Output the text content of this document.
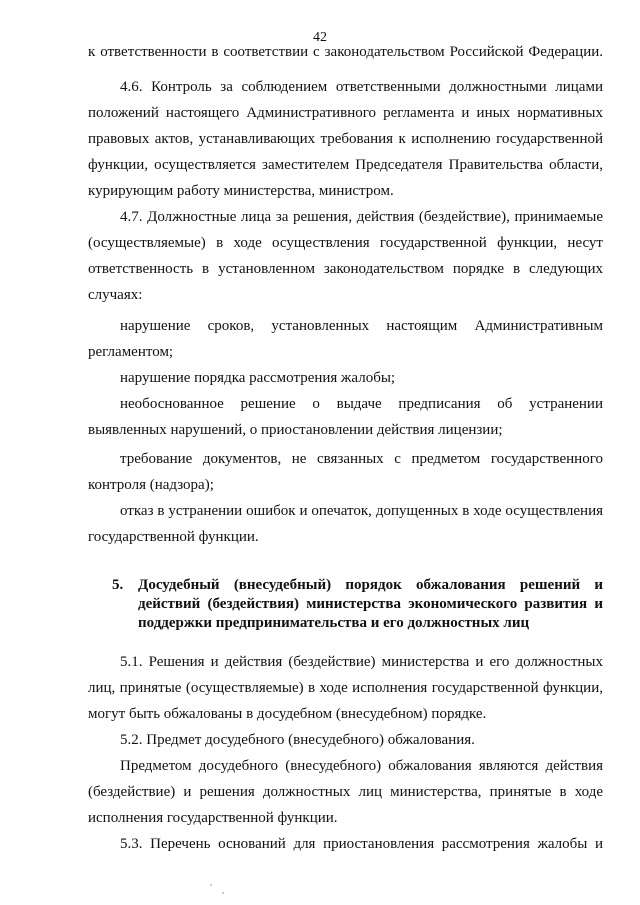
42
к ответственности в соответствии с законодательством Российской Федерации.
4.6. Контроль за соблюдением ответственными должностными лицами
положений настоящего Административного регламента и иных нормативных
правовых актов, устанавливающих требования к исполнению государственной
функции, осуществляется заместителем Председателя Правительства области,
курирующим работу министерства, министром.
4.7. Должностные лица за решения, действия (бездействие), принимаемые
(осуществляемые) в ходе осуществления государственной функции, несут
ответственность в установленном законодательством порядке в следующих
случаях:
нарушение сроков, установленных настоящим Административным
регламентом;
нарушение порядка рассмотрения жалобы;
необоснованное решение о выдаче предписания об устранении
выявленных нарушений, о приостановлении действия лицензии;
требование документов, не связанных с предметом государственного
контроля (надзора);
отказ в устранении ошибок и опечаток, допущенных в ходе осуществления
государственной функции.
5. Досудебный (внесудебный) порядок обжалования решений и
действий (бездействия) министерства экономического развития и
поддержки предпринимательства и его должностных лиц
5.1. Решения и действия (бездействие) министерства и его должностных
лиц, принятые (осуществляемые) в ходе исполнения государственной функции,
могут быть обжалованы в досудебном (внесудебном) порядке.
5.2. Предмет досудебного (внесудебного) обжалования.
Предметом досудебного (внесудебного) обжалования являются действия
(бездействие) и решения должностных лиц министерства, принятые в ходе
исполнения государственной функции.
5.3. Перечень оснований для приостановления рассмотрения жалобы и
